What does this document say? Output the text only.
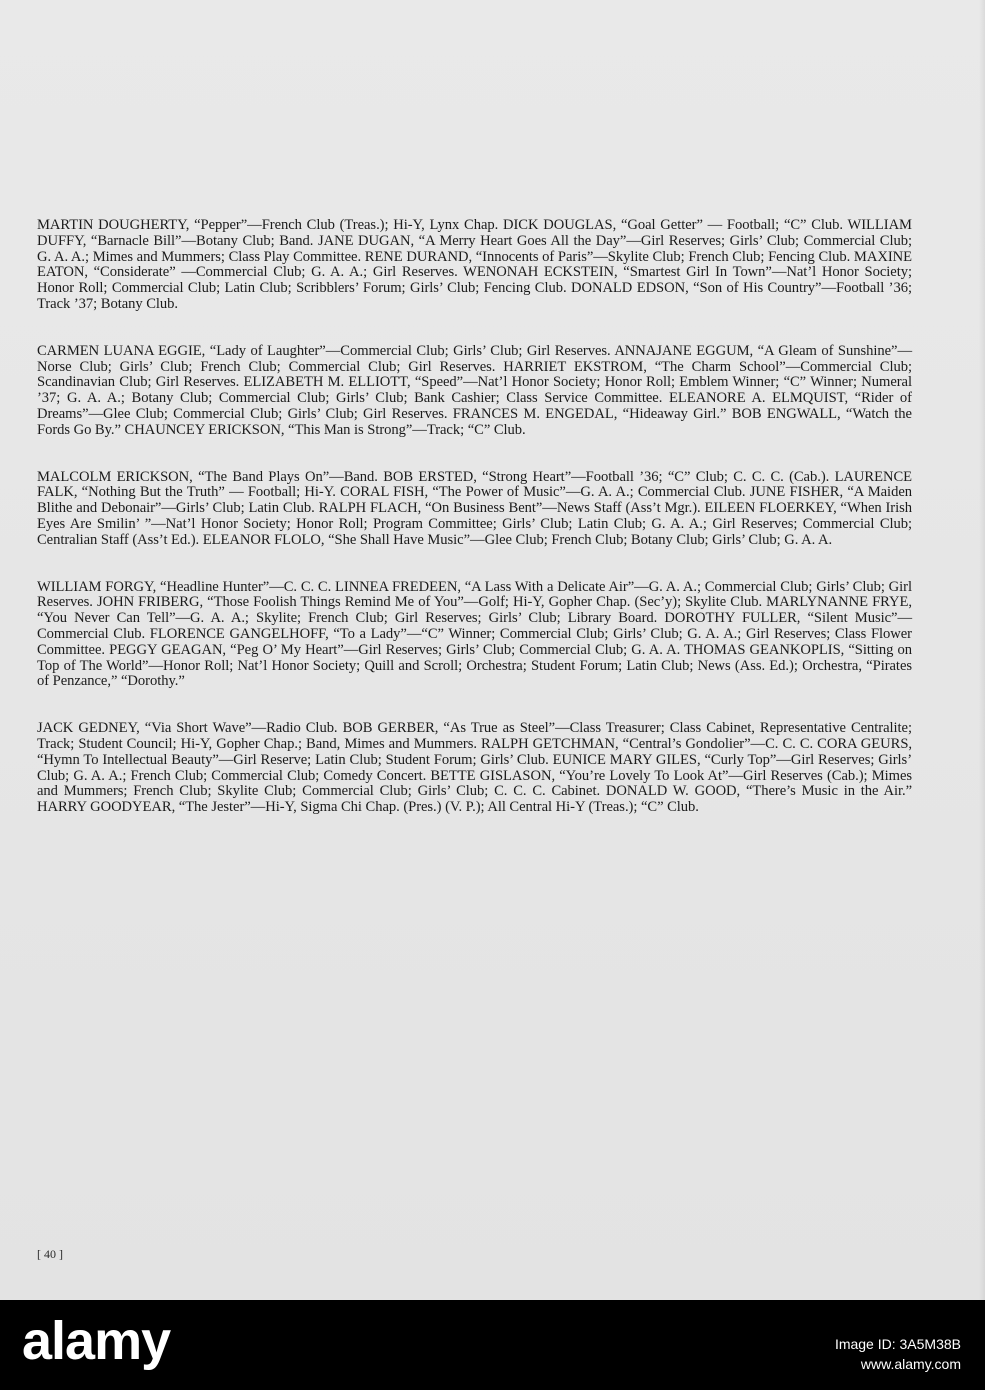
MARTIN DOUGHERTY, “Pepper”—French Club (Treas.); Hi-Y, Lynx Chap. DICK DOUGLAS, “Goal Getter” — Football; “C” Club. WILLIAM DUFFY, “Barnacle Bill”—Botany Club; Band. JANE DUGAN, “A Merry Heart Goes All the Day”—Girl Reserves; Girls’ Club; Commercial Club; G. A. A.; Mimes and Mummers; Class Play Committee. RENE DURAND, “Innocents of Paris”—Skylite Club; French Club; Fencing Club. MAXINE EATON, “Considerate” —Commercial Club; G. A. A.; Girl Reserves. WENONAH ECKSTEIN, “Smartest Girl In Town”—Nat’l Honor Society; Honor Roll; Commercial Club; Latin Club; Scribblers’ Forum; Girls’ Club; Fencing Club. DONALD EDSON, “Son of His Country”—Football ’36; Track ’37; Botany Club.

CARMEN LUANA EGGIE, “Lady of Laughter”—Commercial Club; Girls’ Club; Girl Reserves. ANNAJANE EGGUM, “A Gleam of Sunshine”—Norse Club; Girls’ Club; French Club; Commercial Club; Girl Reserves. HARRIET EKSTROM, “The Charm School”—Commercial Club; Scandinavian Club; Girl Reserves. ELIZABETH M. ELLIOTT, “Speed”—Nat’l Honor Society; Honor Roll; Emblem Winner; “C” Winner; Numeral ’37; G. A. A.; Botany Club; Commercial Club; Girls’ Club; Bank Cashier; Class Service Committee. ELEANORE A. ELMQUIST, “Rider of Dreams”—Glee Club; Commercial Club; Girls’ Club; Girl Reserves. FRANCES M. ENGEDAL, “Hideaway Girl.” BOB ENGWALL, “Watch the Fords Go By.” CHAUNCEY ERICKSON, “This Man is Strong”—Track; “C” Club.

MALCOLM ERICKSON, “The Band Plays On”—Band. BOB ERSTED, “Strong Heart”—Football ’36; “C” Club; C. C. C. (Cab.). LAURENCE FALK, “Nothing But the Truth” — Football; Hi-Y. CORAL FISH, “The Power of Music”—G. A. A.; Commercial Club. JUNE FISHER, “A Maiden Blithe and Debonair”—Girls’ Club; Latin Club. RALPH FLACH, “On Business Bent”—News Staff (Ass’t Mgr.). EILEEN FLOERKEY, “When Irish Eyes Are Smilin’ ”—Nat’l Honor Society; Honor Roll; Program Committee; Girls’ Club; Latin Club; G. A. A.; Girl Reserves; Commercial Club; Centralian Staff (Ass’t Ed.). ELEANOR FLOLO, “She Shall Have Music”—Glee Club; French Club; Botany Club; Girls’ Club; G. A. A.

WILLIAM FORGY, “Headline Hunter”—C. C. C. LINNEA FREDEEN, “A Lass With a Delicate Air”—G. A. A.; Commercial Club; Girls’ Club; Girl Reserves. JOHN FRIBERG, “Those Foolish Things Remind Me of You”—Golf; Hi-Y, Gopher Chap. (Sec’y); Skylite Club. MARLYNANNE FRYE, “You Never Can Tell”—G. A. A.; Skylite; French Club; Girl Reserves; Girls’ Club; Library Board. DOROTHY FULLER, “Silent Music”—Commercial Club. FLORENCE GANGELHOFF, “To a Lady”—“C” Winner; Commercial Club; Girls’ Club; G. A. A.; Girl Reserves; Class Flower Committee. PEGGY GEAGAN, “Peg O’ My Heart”—Girl Reserves; Girls’ Club; Commercial Club; G. A. A. THOMAS GEANKOPLIS, “Sitting on Top of The World”—Honor Roll; Nat’l Honor Society; Quill and Scroll; Orchestra; Student Forum; Latin Club; News (Ass. Ed.); Orchestra, “Pirates of Penzance,” “Dorothy.”

JACK GEDNEY, “Via Short Wave”—Radio Club. BOB GERBER, “As True as Steel”—Class Treasurer; Class Cabinet, Representative Centralite; Track; Student Council; Hi-Y, Gopher Chap.; Band, Mimes and Mummers. RALPH GETCHMAN, “Central’s Gondolier”—C. C. C. CORA GEURS, “Hymn To Intellectual Beauty”—Girl Reserve; Latin Club; Student Forum; Girls’ Club. EUNICE MARY GILES, “Curly Top”—Girl Reserves; Girls’ Club; G. A. A.; French Club; Commercial Club; Comedy Concert. BETTE GISLASON, “You’re Lovely To Look At”—Girl Reserves (Cab.); Mimes and Mummers; French Club; Skylite Club; Commercial Club; Girls’ Club; C. C. C. Cabinet. DONALD W. GOOD, “There’s Music in the Air.” HARRY GOODYEAR, “The Jester”—Hi-Y, Sigma Chi Chap. (Pres.) (V. P.); All Central Hi-Y (Treas.); “C” Club.

[ 40 ]
alamy	Image ID: 3A5M38B
www.alamy.com
